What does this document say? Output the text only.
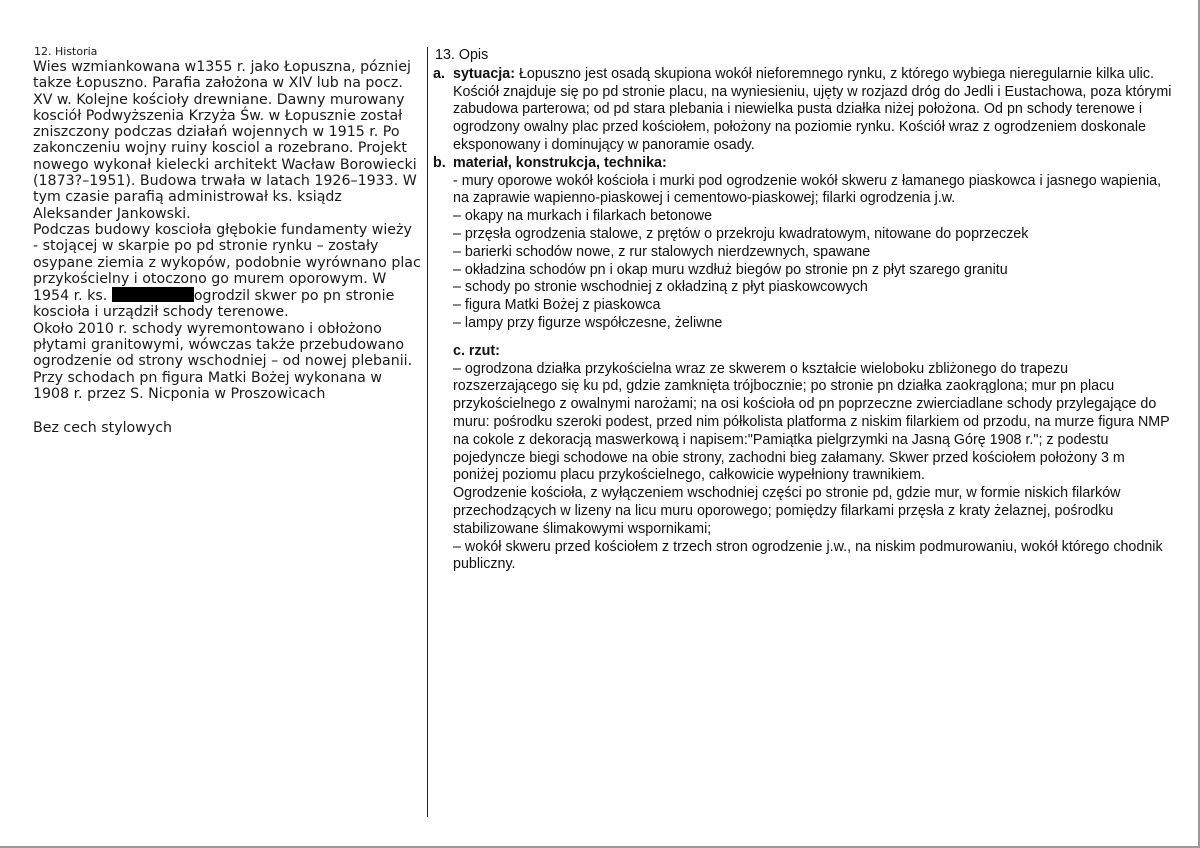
12. Historia

Wies wzmiankowana w1355 r. jako Łopuszna, pózniej takze Łopuszno. Parafia założona w XIV lub na pocz. XV w. Kolejne kościoły drewniane. Dawny murowany kosciół Podwyższenia Krzyża Św. w Łopusznie został zniszczony podczas działań wojennych w 1915 r. Po zakonczeniu wojny ruiny kosciol a rozebrano. Projekt nowego wykonał kielecki architekt Wacław Borowiecki (1873?–1951). Budowa trwała w latach 1926–1933. W tym czasie parafią administrował ks. ksiądz Aleksander Jankowski.

Podczas budowy koscioła głębokie fundamenty wieży - stojącej w skarpie po pd stronie rynku – zostały osypane ziemia z wykopów, podobnie wyrównano plac przykościelny i otoczono go murem oporowym. W 1954 r. ks.	ogrodzil skwer po pn stronie koscioła i urządził schody terenowe.

Około 2010 r. schody wyremontowano i obłożono płytami granitowymi, wówczas także przebudowano ogrodzenie od strony wschodniej – od nowej plebanii.

Przy schodach pn figura Matki Bożej wykonana w 1908 r. przez S. Nicponia w Proszowicach

Bez cech stylowych

13. Opis
a. sytuacja: Łopuszno jest osadą skupiona wokół nieforemnego rynku, z którego wybiega nieregularnie kilka ulic. Kościół znajduje się po pd stronie placu, na wyniesieniu, ujęty w rozjazd dróg do Jedli i Eustachowa, poza którymi zabudowa parterowa; od pd stara plebania i niewielka pusta działka niżej położona. Od pn schody terenowe i ogrodzony owalny plac przed kościołem, położony na poziomie rynku. Kościół wraz z ogrodzeniem doskonale eksponowany i dominujący w panoramie osady.

b. materiał, konstrukcja, technika:

- mury oporowe wokół kościoła i murki pod ogrodzenie wokół skweru z łamanego piaskowca i jasnego wapienia, na zaprawie wapienno-piaskowej i cementowo-piaskowej; filarki ogrodzenia j.w.

– okapy na murkach i filarkach betonowe

– przęsła ogrodzenia stalowe, z prętów o przekroju kwadratowym, nitowane do poprzeczek

– barierki schodów nowe, z rur stalowych nierdzewnych, spawane

– okładzina schodów pn i okap muru wzdłuż biegów po stronie pn z płyt szarego granitu

– schody po stronie wschodniej z okładziną z płyt piaskowcowych

– figura Matki Bożej z piaskowca

– lampy przy figurze współczesne, żeliwne

c. rzut:

– ogrodzona działka przykościelna wraz ze skwerem o kształcie wieloboku zbliżonego do trapezu rozszerzającego się ku pd, gdzie zamknięta trójbocznie; po stronie pn działka zaokrąglona; mur pn placu przykościelnego z owalnymi narożami; na osi kościoła od pn poprzeczne zwierciadlane schody przylegające do muru: pośrodku szeroki podest, przed nim półkolista platforma z niskim filarkiem od przodu, na murze figura NMP na cokole z dekoracją maswerkową i napisem:"Pamiątka pielgrzymki na Jasną Górę 1908 r."; z podestu pojedyncze biegi schodowe na obie strony, zachodni bieg załamany. Skwer przed kościołem położony 3 m poniżej poziomu placu przykościelnego, całkowicie wypełniony trawnikiem.

Ogrodzenie kościoła, z wyłączeniem wschodniej części po stronie pd, gdzie mur, w formie niskich filarków przechodzących w lizeny na licu muru oporowego; pomiędzy filarkami przęsła z kraty żelaznej, pośrodku stabilizowane ślimakowymi wspornikami;

– wokół skweru przed kościołem z trzech stron ogrodzenie j.w., na niskim podmurowaniu, wokół którego chodnik publiczny.
